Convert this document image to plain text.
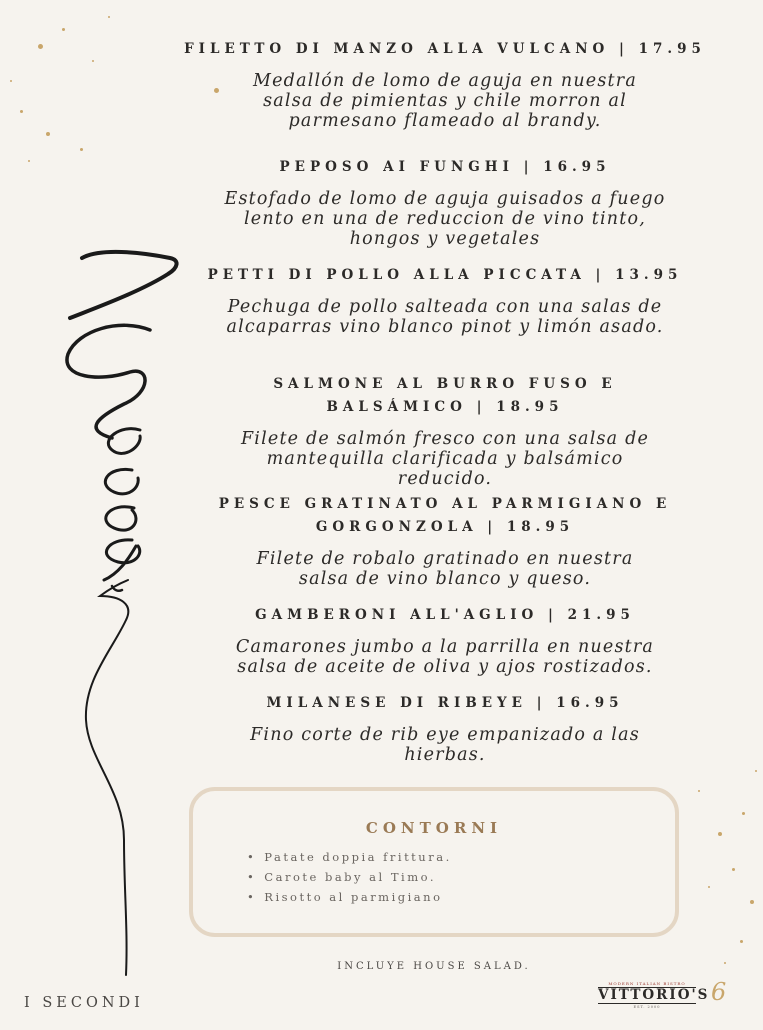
FILETTO DI MANZO ALLA VULCANO | 17.95
Medallón de lomo de aguja en nuestra salsa de pimientas y chile morron al parmesano flameado al brandy.
PEPOSO AI FUNGHI | 16.95
Estofado de lomo de aguja guisados a fuego lento en una de reduccion de vino tinto, hongos y vegetales
PETTI DI POLLO ALLA PICCATA | 13.95
Pechuga de pollo salteada con una salas de alcaparras vino blanco pinot y limón asado.
SALMONE AL BURRO FUSO E BALSÁMICO | 18.95
Filete de salmón fresco con una salsa de mantequilla clarificada y balsámico reducido.
PESCE GRATINATO AL PARMIGIANO E GORGONZOLA | 18.95
Filete de robalo gratinado en nuestra salsa de vino blanco y queso.
GAMBERONI ALL'AGLIO | 21.95
Camarones jumbo a la parrilla en nuestra salsa de aceite de oliva y ajos rostizados.
MILANESE DI RIBEYE | 16.95
Fino corte de rib eye empanizado a las hierbas.
CONTORNI
• Patate doppia frittura.
• Carote baby al Timo.
• Risotto al parmigiano
INCLUYE HOUSE SALAD.
I SECONDI
MODERN ITALIAN BISTRO
VITTORIO'S
EST. 2000
6
